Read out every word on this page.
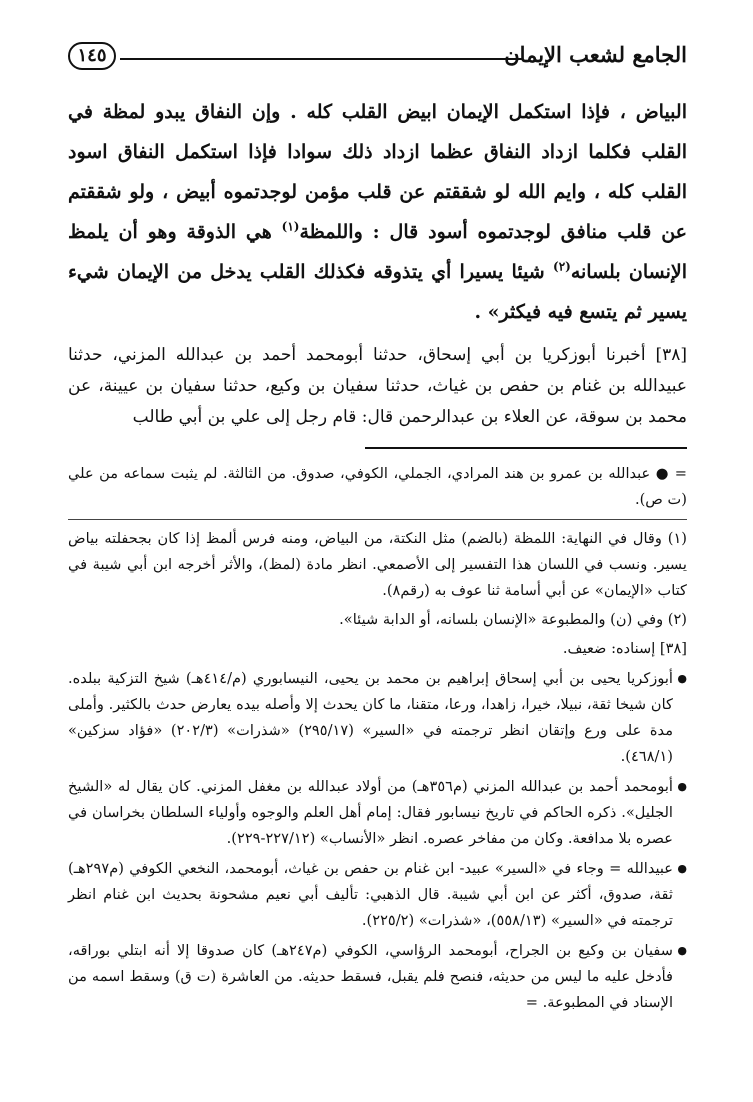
الجامع لشعب الإيمان
١٤٥
البياض ، فإذا استكمل الإيمان ابيض القلب كله . وإن النفاق يبدو لمظة في القلب فكلما ازداد النفاق عظما ازداد ذلك سوادا فإذا استكمل النفاق اسود القلب كله ، وايم الله لو شققتم عن قلب مؤمن لوجدتموه أبيض ، ولو شققتم عن قلب منافق لوجدتموه أسود قال : واللمظة$^{(١)}$ هي الذوقة وهو أن يلمظ الإنسان بلسانه$^{(٢)}$ شيئا يسيرا أي يتذوقه فكذلك القلب يدخل من الإيمان شيء يسير ثم يتسع فيه فيكثر» .
[٣٨] أخبرنا أبوزكريا بن أبي إسحاق، حدثنا أبومحمد أحمد بن عبدالله المزني، حدثنا عبيدالله بن غنام بن حفص بن غياث، حدثنا سفيان بن وكيع، حدثنا سفيان بن عيينة، عن محمد بن سوقة، عن العلاء بن عبدالرحمن قال: قام رجل إلى علي بن أبي طالب

= ● عبدالله بن عمرو بن هند المرادي، الجملي، الكوفي، صدوق. من الثالثة. لم يثبت سماعه من علي (ت ص).

(١) وقال في النهاية: اللمظة (بالضم) مثل النكتة، من البياض، ومنه فرس ألمظ إذا كان بجحفلته بياض يسير. ونسب في اللسان هذا التفسير إلى الأصمعي. انظر مادة (لمظ)، والأثر أخرجه ابن أبي شيبة في كتاب «الإيمان» عن أبي أسامة ثنا عوف به (رقم٨).

(٢) وفي (ن) والمطبوعة «الإنسان بلسانه، أو الدابة شيئا».

[٣٨] إسناده: ضعيف.

● أبوزكريا يحيى بن أبي إسحاق إبراهيم بن محمد بن يحيى، النيسابوري (م/٤١٤هـ) شيخ التزكية ببلده. كان شيخا ثقة، نبيلا، خيرا، زاهدا، ورعا، متقنا، ما كان يحدث إلا وأصله بيده يعارض حدث بالكثير. وأملى مدة على ورع وإتقان انظر ترجمته في «السير» (٢٩٥/١٧) «شذرات» (٢٠٢/٣) «فؤاد سزكين» (٤٦٨/١).

● أبومحمد أحمد بن عبدالله المزني (م٣٥٦هـ) من أولاد عبدالله بن مغفل المزني. كان يقال له «الشيخ الجليل». ذكره الحاكم في تاريخ نيسابور فقال: إمام أهل العلم والوجوه وأولياء السلطان بخراسان في عصره بلا مدافعة. وكان من مفاخر عصره. انظر «الأنساب» (٢٢٧/١٢-٢٢٩).

● عبيدالله = وجاء في «السير» عبيد- ابن غنام بن حفص بن غياث، أبومحمد، النخعي الكوفي (م٢٩٧هـ) ثقة، صدوق، أكثر عن ابن أبي شيبة. قال الذهبي: تأليف أبي نعيم مشحونة بحديث ابن غنام انظر ترجمته في «السير» (٥٥٨/١٣)، «شذرات» (٢٢٥/٢).

● سفيان بن وكيع بن الجراح، أبومحمد الرؤاسي، الكوفي (م٢٤٧هـ) كان صدوقا إلا أنه ابتلي بوراقه، فأدخل عليه ما ليس من حديثه، فنصح فلم يقبل، فسقط حديثه. من العاشرة (ت ق) وسقط اسمه من الإسناد في المطبوعة. =
